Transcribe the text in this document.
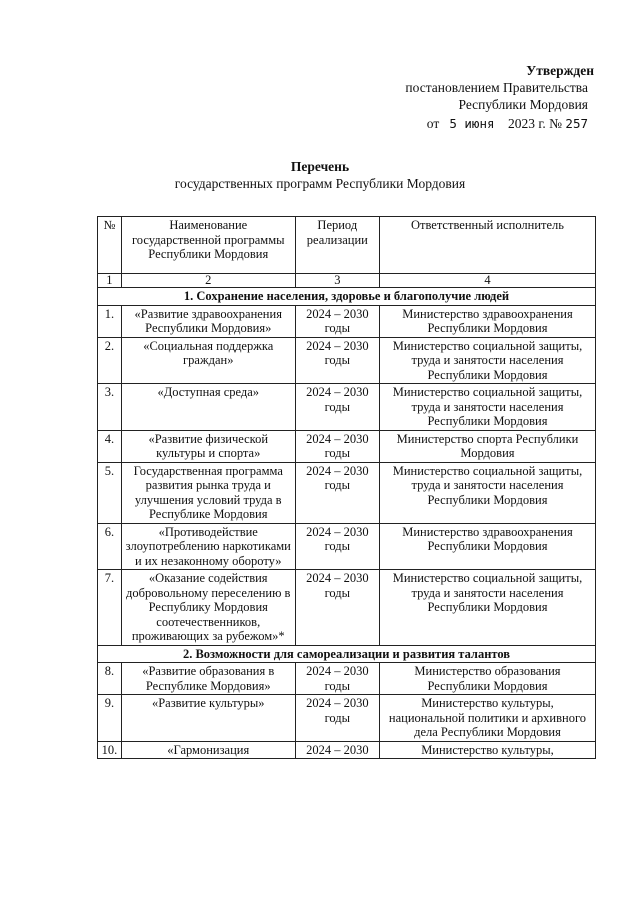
Утвержден
постановлением Правительства
Республики Мордовия
от 5 июня 2023 г. № 257
Перечень
государственных программ Республики Мордовия
№	Наименование государственной программы Республики Мордовия	Период реализации	Ответственный исполнитель
1	2	3	4
1. Сохранение населения, здоровье и благополучие людей			
1.	«Развитие здравоохранения Республики Мордовия»	2024 – 2030 годы	Министерство здравоохранения Республики Мордовия
2.	«Социальная поддержка граждан»	2024 – 2030 годы	Министерство социальной защиты, труда и занятости населения Республики Мордовия
3.	«Доступная среда»	2024 – 2030 годы	Министерство социальной защиты, труда и занятости населения Республики Мордовия
4.	«Развитие физической культуры и спорта»	2024 – 2030 годы	Министерство спорта Республики Мордовия
5.	Государственная программа развития рынка труда и улучшения условий труда в Республике Мордовия	2024 – 2030 годы	Министерство социальной защиты, труда и занятости населения Республики Мордовия
6.	«Противодействие злоупотреблению наркотиками и их незаконному обороту»	2024 – 2030 годы	Министерство здравоохранения Республики Мордовия
7.	«Оказание содействия добровольному переселению в Республику Мордовия соотечественников, проживающих за рубежом»*	2024 – 2030 годы	Министерство социальной защиты, труда и занятости населения Республики Мордовия
2. Возможности для самореализации и развития талантов			
8.	«Развитие образования в Республике Мордовия»	2024 – 2030 годы	Министерство образования Республики Мордовия
9.	«Развитие культуры»	2024 – 2030 годы	Министерство культуры, национальной политики и архивного дела Республики Мордовия
10.	«Гармонизация	2024 – 2030	Министерство культуры,
